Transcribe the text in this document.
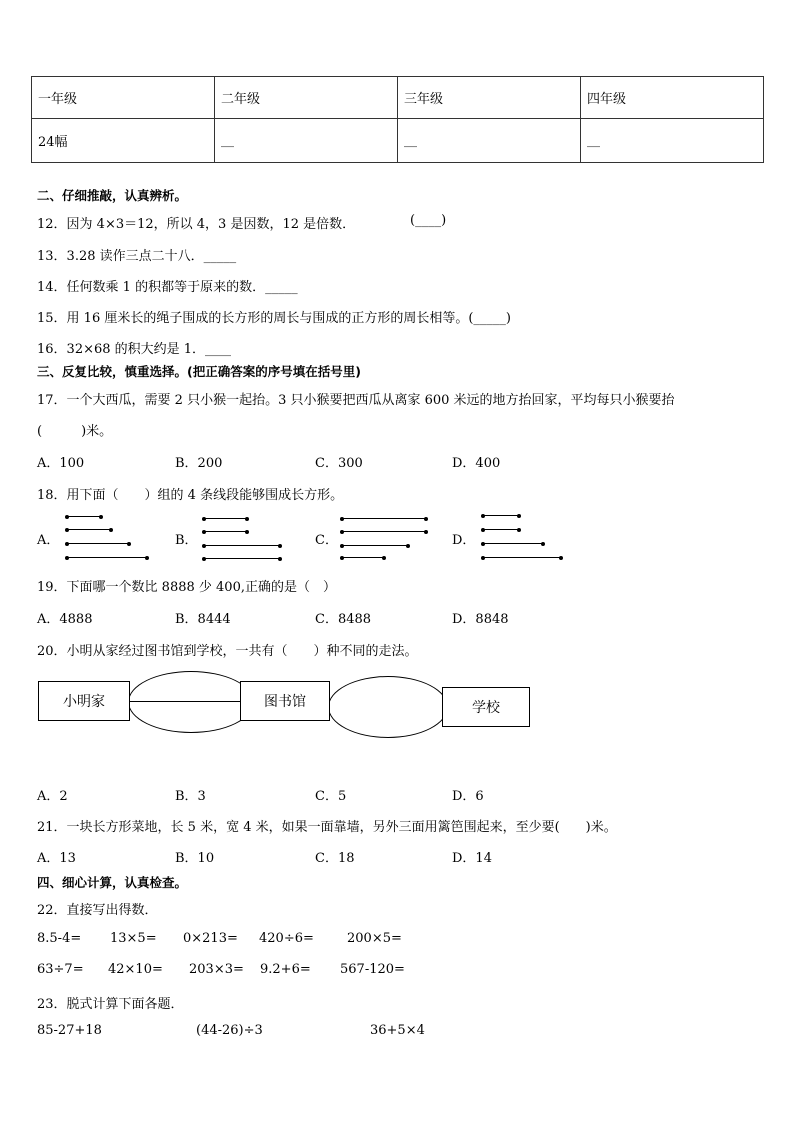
一年级	二年级	三年级	四年级
24幅	__	__	__
二、仔细推敲，认真辨析。
12．因为 4×3＝12，所以 4，3 是因数，12 是倍数．	(____)
13．3.28 读作三点二十八．_____
14．任何数乘 1 的积都等于原来的数．_____
15．用 16 厘米长的绳子围成的长方形的周长与围成的正方形的周长相等。(_____)
16．32×68 的积大约是 1．____
三、反复比较，慎重选择。(把正确答案的序号填在括号里)
17．一个大西瓜，需要 2 只小猴一起抬。3 只小猴要把西瓜从离家 600 米远的地方抬回家，平均每只小猴要抬
(　　　)米。
A．100	B．200	C．300	D．400
18．用下面（　　）组的 4 条线段能够围成长方形。
A．	B．	C．	D．
19．下面哪一个数比 8888 少 400,正确的是（　）
A．4888	B．8444	C．8488	D．8848
20．小明从家经过图书馆到学校，一共有（　　）种不同的走法。
小明家	图书馆	学校
A．2	B．3	C．5	D．6
21．一块长方形菜地，长 5 米，宽 4 米，如果一面靠墙，另外三面用篱笆围起来，至少要(　　)米。
A．13	B．10	C．18	D．14
四、细心计算，认真检查。
22．直接写出得数．
8.5-4= 13×5= 0×213= 420÷6=	200×5=
63÷7= 42×10= 203×3= 9.2+6= 567-120=
23．脱式计算下面各题．
85-27+18	(44-26)÷3	36+5×4
